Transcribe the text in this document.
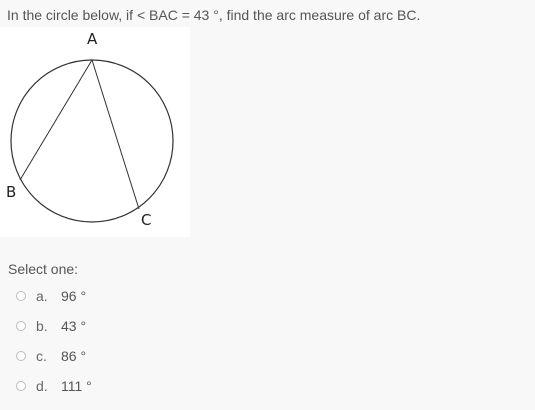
In the circle below, if < BAC = 43 °, find the arc measure of arc BC.
A
B
C
Select one:
a. 96 °
b. 43 °
c.	86 °
d. 111 °
